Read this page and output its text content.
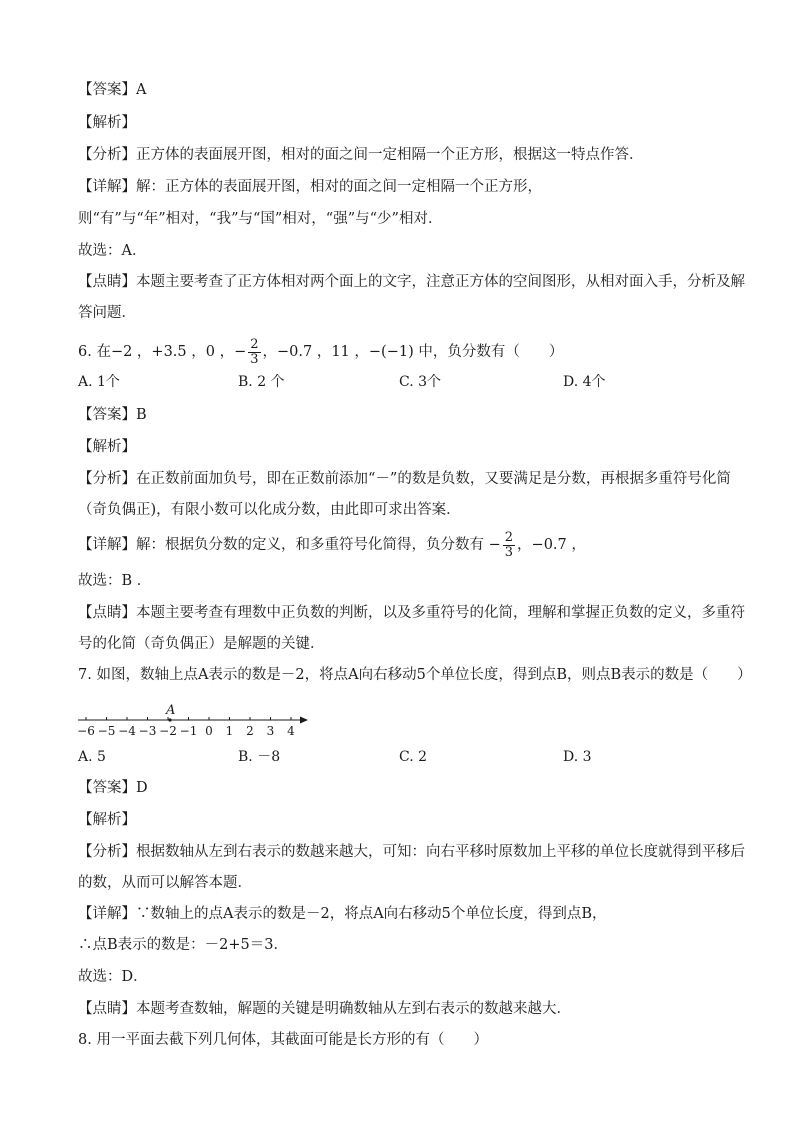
【答案】A
【解析】
【分析】正方体的表面展开图，相对的面之间一定相隔一个正方形，根据这一特点作答．
【详解】解：正方体的表面展开图，相对的面之间一定相隔一个正方形，
则“有”与“年”相对，“我”与“国”相对，“强”与“少”相对．
故选：A．
【点睛】本题主要考查了正方体相对两个面上的文字，注意正方体的空间图形，从相对面入手，分析及解
答问题．
6. 在−2 ，+3.5 ，0 ，− $\frac{2}{3}$ ，−0.7 ，11 ，−(−1) 中，负分数有（　　）
A. 1个	B. 2 个	C. 3个	D. 4个
【答案】B
【解析】
【分析】在正数前面加负号，即在正数前添加“－”的数是负数，又要满足是分数，再根据多重符号化简
（奇负偶正)，有限小数可以化成分数，由此即可求出答案．
【详解】解：根据负分数的定义，和多重符号化简得，负分数有 − $\frac{2}{3}$ ，−0.7 ，
故选：B ．
【点睛】本题主要考查有理数中正负数的判断，以及多重符号的化简，理解和掌握正负数的定义，多重符
号的化简（奇负偶正）是解题的关键．
7. 如图，数轴上点A表示的数是－2，将点A向右移动5个单位长度，得到点B，则点B表示的数是（　　）
−6 −5 −4 −3 −2 −1 0 1 2 3 4
A
A. 5	B. －8	C. 2	D. 3
【答案】D
【解析】
【分析】根据数轴从左到右表示的数越来越大，可知：向右平移时原数加上平移的单位长度就得到平移后
的数，从而可以解答本题．
【详解】∵数轴上的点A表示的数是－2，将点A向右移动5个单位长度，得到点B，
∴点B表示的数是：－2+5＝3．
故选：D．
【点睛】本题考查数轴，解题的关键是明确数轴从左到右表示的数越来越大．
8. 用一平面去截下列几何体，其截面可能是长方形的有（　　）
